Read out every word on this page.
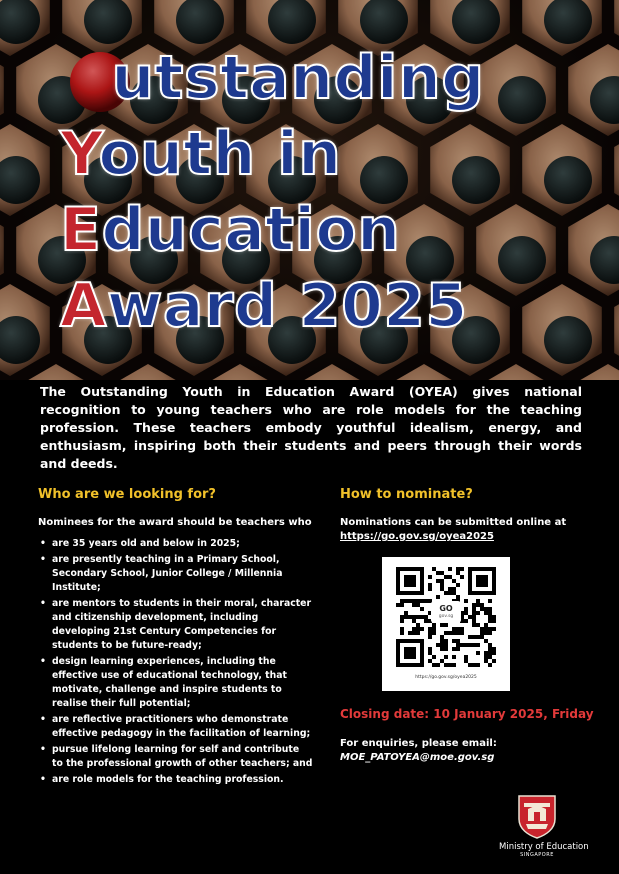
utstanding
Youth in
Education
Award 2025

The Outstanding Youth in Education Award (OYEA) gives national recognition to young teachers who are role models for the teaching profession. These teachers embody youthful idealism, energy, and enthusiasm, inspiring both their students and peers through their words and deeds.

Who are we looking for?

Nominees for the award should be teachers who

• are 35 years old and below in 2025;
• are presently teaching in a Primary School, Secondary School, Junior College / Millennia Institute;
• are mentors to students in their moral, character and citizenship development, including developing 21st Century Competencies for students to be future-ready;
• design learning experiences, including the effective use of educational technology, that motivate, challenge and inspire students to realise their full potential;
• are reflective practitioners who demonstrate effective pedagogy in the facilitation of learning;
• pursue lifelong learning for self and contribute to the professional growth of other teachers; and
• are role models for the teaching profession.
How to nominate?

Nominations can be submitted online at https://go.gov.sg/oyea2025

GO
gov.sg
https://go.gov.sg/oyea2025
Closing date: 10 January 2025, Friday
For enquiries, please email:
MOE_PATOYEA@moe.gov.sg
Ministry of Education
SINGAPORE
